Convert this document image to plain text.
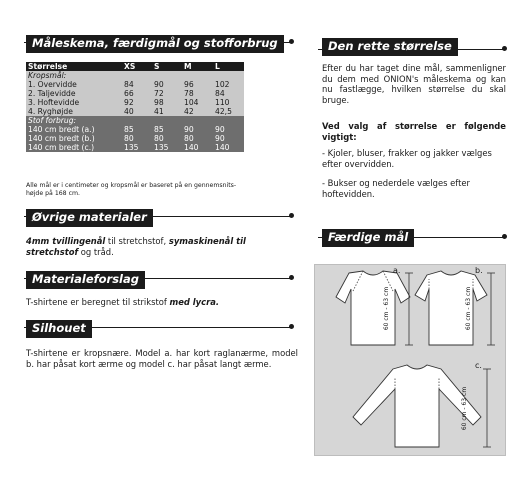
Måleskema, færdigmål og stofforbrug
Størrelse	XS	S	M	L
Kropsmål:				
1. Overvidde	84	90	96	102
2. Taljevidde	66	72	78	84
3. Hoftevidde	92	98	104	110
4. Ryghøjde	40	41	42	42,5
Stof forbrug:				
140 cm bredt (a.)	85	85	90	90
140 cm bredt (b.)	80	80	80	90
140 cm bredt (c.)	135	135	140	140
Alle mål er i centimeter og kropsmål er baseret på en gennemsnits-højde på 168 cm.
Øvrige materialer
4mm tvillingenål til stretchstof, symaskinenål til stretchstof og tråd.
Materialeforslag
T-shirtene er beregnet til strikstof med lycra.
Silhouet
T-shirtene er kropsnære. Model a. har kort raglanærme, model b. har påsat kort ærme og model c. har påsat langt ærme.
Den rette størrelse
Efter du har taget dine mål, sammenligner du dem med ONION's måleskema og kan nu fastlægge, hvilken størrelse du skal bruge.
Ved valg af størrelse er følgende vigtigt:
- Kjoler, bluser, frakker og jakker vælges efter overvidden.
- Bukser og nederdele vælges efter hoftevidden.
Færdige mål
a.	b.
c.
60 cm - 63 cm	60 cm - 63 cm
60 cm - 63 cm
